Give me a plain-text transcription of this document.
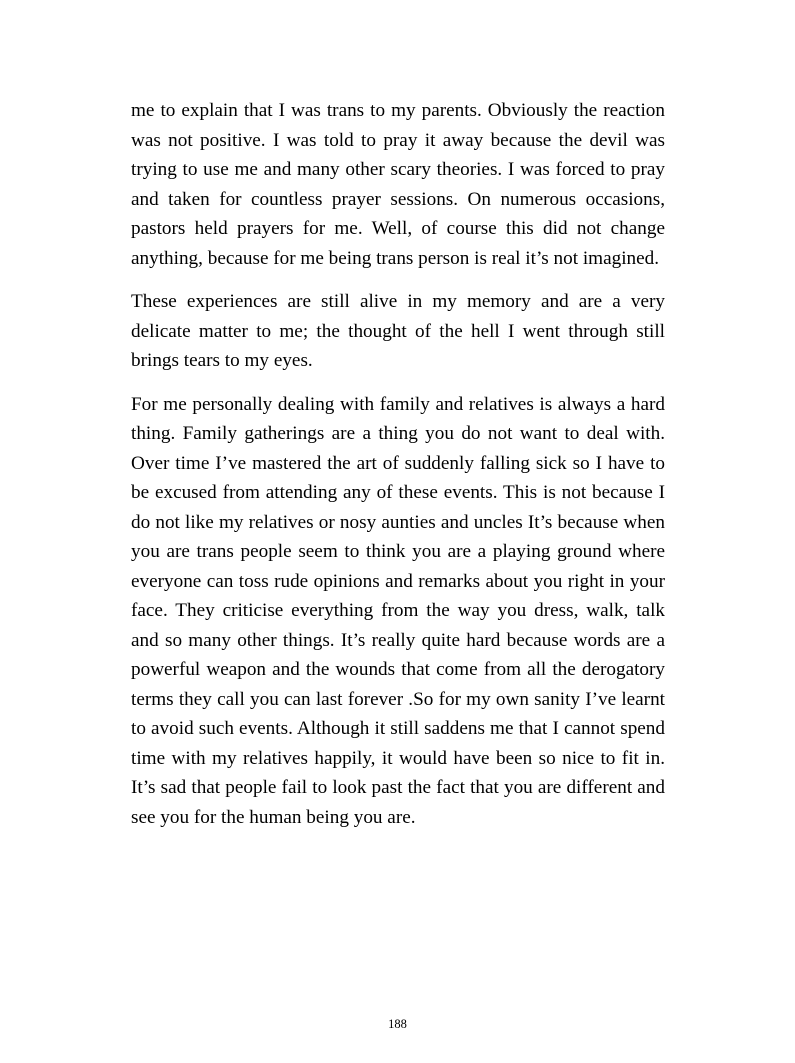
me to explain that I was trans to my parents. Obviously the reaction was not positive. I was told to pray it away because the devil was trying to use me and many other scary theories. I was forced to pray and taken for countless prayer sessions. On numerous occasions, pastors held prayers for me. Well, of course this did not change anything, because for me being trans person is real it’s not imagined.

These experiences are still alive in my memory and are a very delicate matter to me; the thought of the hell I went through still brings tears to my eyes.

For me personally dealing with family and relatives is always a hard thing. Family gatherings are a thing you do not want to deal with. Over time I’ve mastered the art of suddenly falling sick so I have to be excused from attending any of these events. This is not because I do not like my relatives or nosy aunties and uncles It’s because when you are trans people seem to think you are a playing ground where everyone can toss rude opinions and remarks about you right in your face. They criticise everything from the way you dress, walk, talk and so many other things. It’s really quite hard because words are a powerful weapon and the wounds that come from all the derogatory terms they call you can last forever .So for my own sanity I’ve learnt to avoid such events. Although it still saddens me that I cannot spend time with my relatives happily, it would have been so nice to fit in. It’s sad that people fail to look past the fact that you are different and see you for the human being you are.

188
